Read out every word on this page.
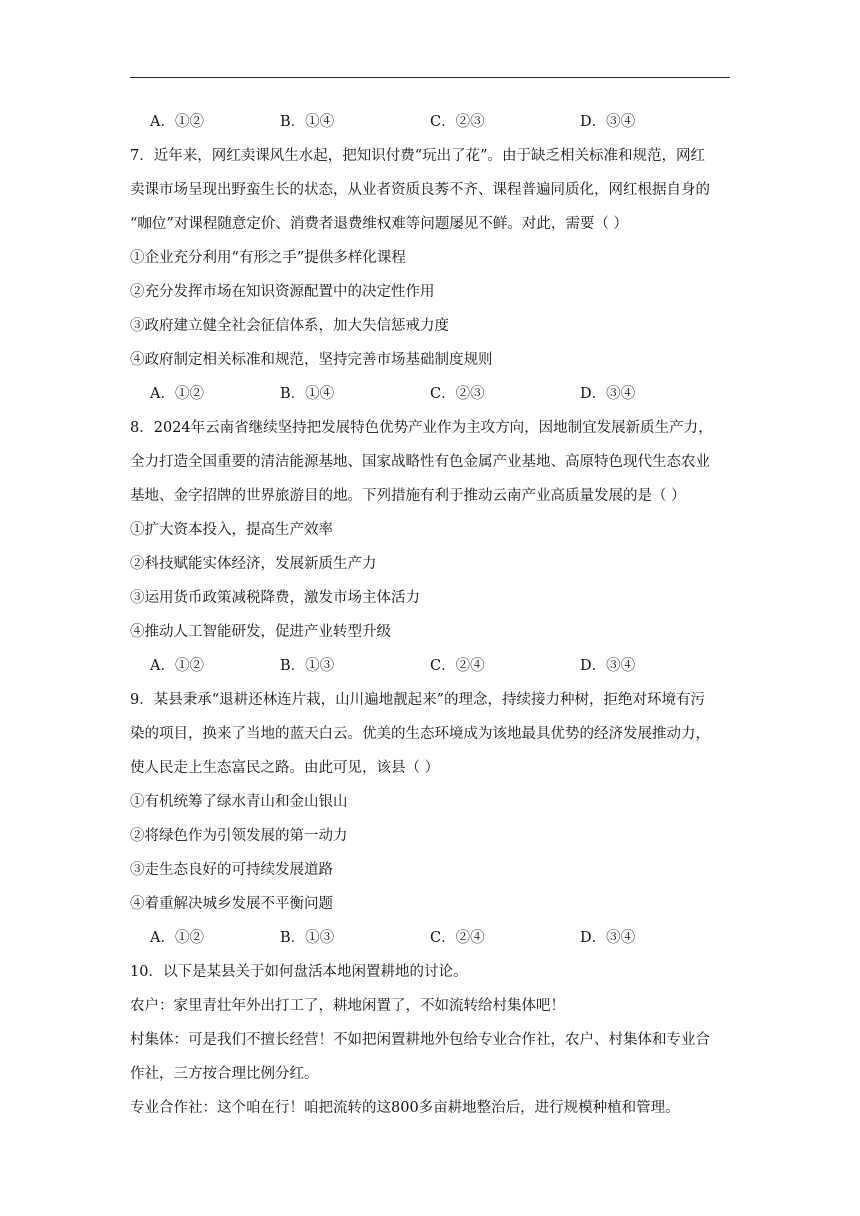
A．①②	B．①④	C．②③	D．③④
7．近年来，网红卖课风生水起，把知识付费“玩出了花”。由于缺乏相关标准和规范，网红
卖课市场呈现出野蛮生长的状态，从业者资质良莠不齐、课程普遍同质化，网红根据自身的
“咖位”对课程随意定价、消费者退费维权难等问题屡见不鲜。对此，需要（ ）
①企业充分利用“有形之手”提供多样化课程
②充分发挥市场在知识资源配置中的决定性作用
③政府建立健全社会征信体系，加大失信惩戒力度
④政府制定相关标准和规范，坚持完善市场基础制度规则
A．①②	B．①④	C．②③	D．③④
8．2024年云南省继续坚持把发展特色优势产业作为主攻方向，因地制宜发展新质生产力，
全力打造全国重要的清洁能源基地、国家战略性有色金属产业基地、高原特色现代生态农业
基地、金字招牌的世界旅游目的地。下列措施有利于推动云南产业高质量发展的是（ ）
①扩大资本投入，提高生产效率
②科技赋能实体经济，发展新质生产力
③运用货币政策减税降费，激发市场主体活力
④推动人工智能研发，促进产业转型升级
A．①②	B．①③	C．②④	D．③④
9．某县秉承“退耕还林连片栽，山川遍地靓起来”的理念，持续接力种树，拒绝对环境有污
染的项目，换来了当地的蓝天白云。优美的生态环境成为该地最具优势的经济发展推动力，
使人民走上生态富民之路。由此可见，该县（ ）
①有机统筹了绿水青山和金山银山
②将绿色作为引领发展的第一动力
③走生态良好的可持续发展道路
④着重解决城乡发展不平衡问题
A．①②	B．①③	C．②④	D．③④
10．以下是某县关于如何盘活本地闲置耕地的讨论。
农户：家里青壮年外出打工了，耕地闲置了，不如流转给村集体吧！
村集体：可是我们不擅长经营！不如把闲置耕地外包给专业合作社，农户、村集体和专业合
作社，三方按合理比例分红。
专业合作社：这个咱在行！咱把流转的这800多亩耕地整治后，进行规模种植和管理。
